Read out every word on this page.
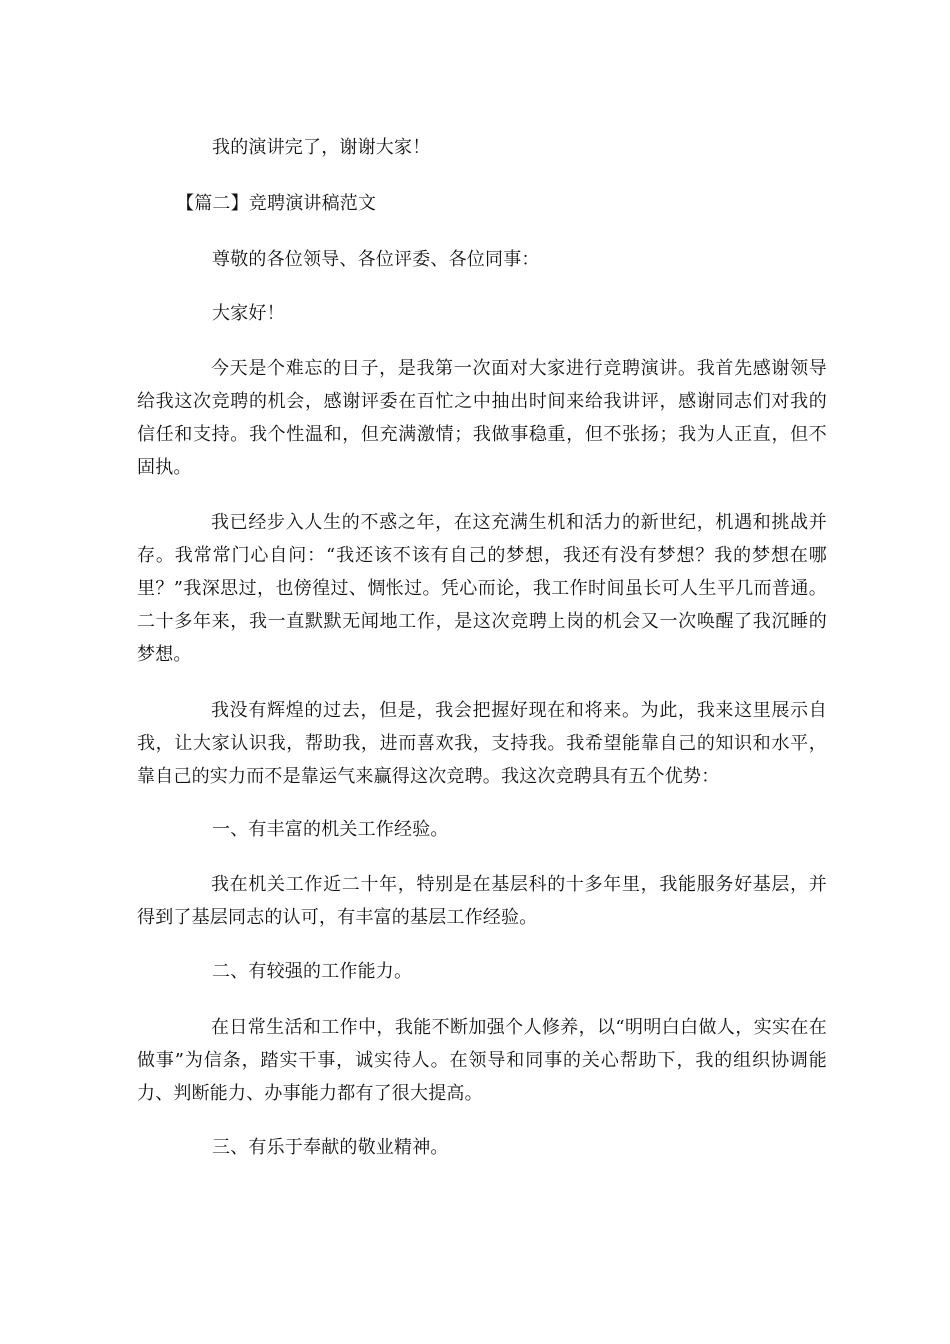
我的演讲完了，谢谢大家！
【篇二】竞聘演讲稿范文
尊敬的各位领导、各位评委、各位同事：
大家好！
今天是个难忘的日子，是我第一次面对大家进行竞聘演讲。我首先感谢领导给我这次竞聘的机会，感谢评委在百忙之中抽出时间来给我讲评，感谢同志们对我的信任和支持。我个性温和，但充满激情；我做事稳重，但不张扬；我为人正直，但不固执。
我已经步入人生的不惑之年，在这充满生机和活力的新世纪，机遇和挑战并存。我常常门心自问：“我还该不该有自己的梦想，我还有没有梦想？我的梦想在哪里？”我深思过，也傍徨过、惆怅过。凭心而论，我工作时间虽长可人生平几而普通。二十多年来，我一直默默无闻地工作，是这次竞聘上岗的机会又一次唤醒了我沉睡的梦想。
我没有辉煌的过去，但是，我会把握好现在和将来。为此，我来这里展示自我，让大家认识我，帮助我，进而喜欢我，支持我。我希望能靠自己的知识和水平，靠自己的实力而不是靠运气来赢得这次竞聘。我这次竞聘具有五个优势：
一、有丰富的机关工作经验。
我在机关工作近二十年，特别是在基层科的十多年里，我能服务好基层，并得到了基层同志的认可，有丰富的基层工作经验。
二、有较强的工作能力。
在日常生活和工作中，我能不断加强个人修养，以“明明白白做人，实实在在做事”为信条，踏实干事，诚实待人。在领导和同事的关心帮助下，我的组织协调能力、判断能力、办事能力都有了很大提高。
三、有乐于奉献的敬业精神。
